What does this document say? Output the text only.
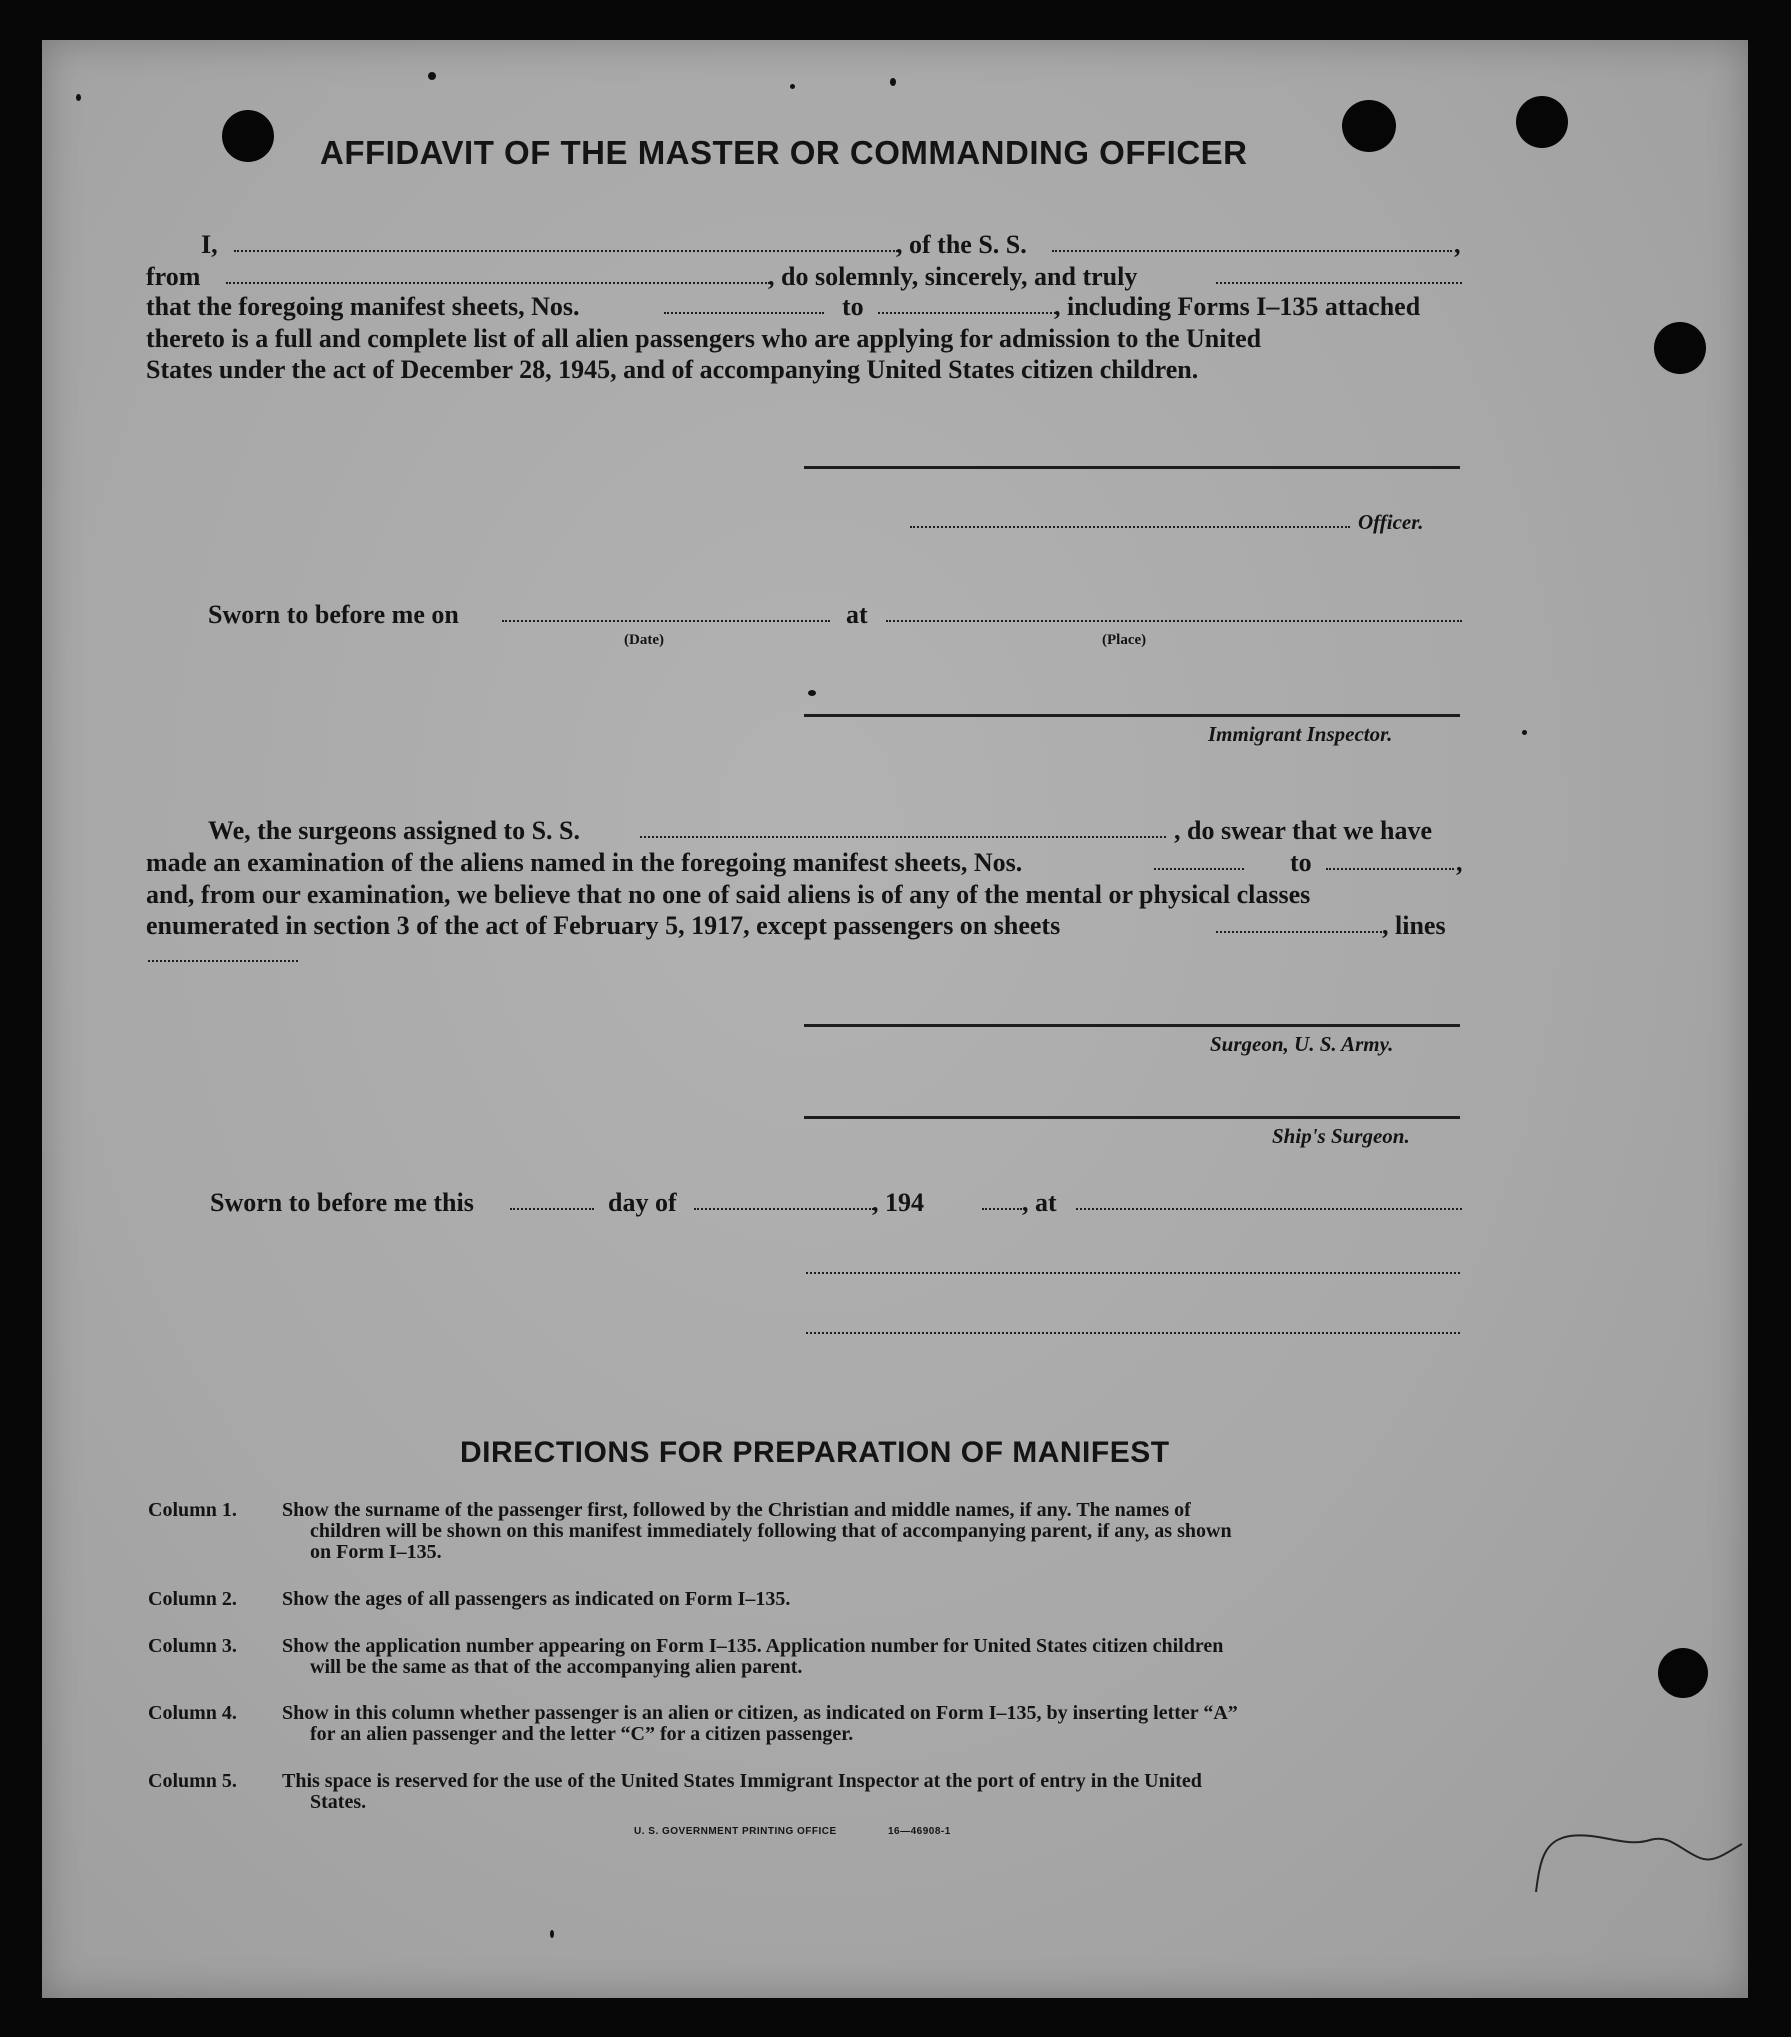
AFFIDAVIT OF THE MASTER OR COMMANDING OFFICER
I,	, of the S. S.	,
from	, do solemnly, sincerely, and truly
that the foregoing manifest sheets, Nos.	to	, including Forms I–135 attached
thereto is a full and complete list of all alien passengers who are applying for admission to the United
States under the act of December 28, 1945, and of accompanying United States citizen children.
Officer.
Sworn to before me on	at
(Date)	(Place)
Immigrant Inspector.
We, the surgeons assigned to S. S.	, do swear that we have
made an examination of the aliens named in the foregoing manifest sheets, Nos.	to	,
and, from our examination, we believe that no one of said aliens is of any of the mental or physical classes
enumerated in section 3 of the act of February 5, 1917, except passengers on sheets	, lines
Surgeon, U. S. Army.
Ship's Surgeon.
Sworn to before me this	day of	, 194	, at
DIRECTIONS FOR PREPARATION OF MANIFEST
Column 1.	Show the surname of the passenger first, followed by the Christian and middle names, if any. The names of

children will be shown on this manifest immediately following that of accompanying parent, if any, as shown

on Form I–135.

Column 2.	Show the ages of all passengers as indicated on Form I–135.

Column 3.	Show the application number appearing on Form I–135. Application number for United States citizen children

will be the same as that of the accompanying alien parent.

Column 4.	Show in this column whether passenger is an alien or citizen, as indicated on Form I–135, by inserting letter “A”

for an alien passenger and the letter “C” for a citizen passenger.

Column 5.	This space is reserved for the use of the United States Immigrant Inspector at the port of entry in the United

States.

U. S. GOVERNMENT PRINTING OFFICE	16—46908-1
